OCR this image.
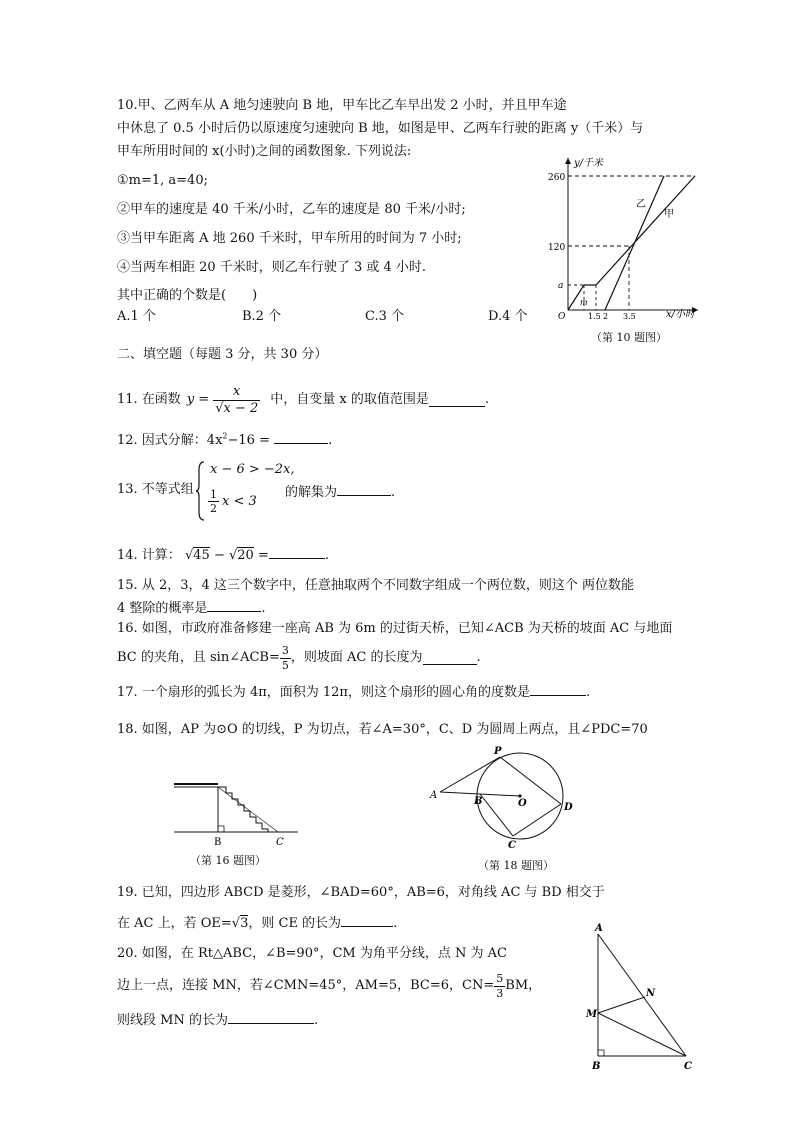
10.甲、乙两车从 A 地匀速驶向 B 地，甲车比乙车早出发 2 小时，并且甲车途
中休息了 0.5 小时后仍以原速度匀速驶向 B 地，如图是甲、乙两车行驶的距离 y（千米）与
甲车所用时间的 x(小时)之间的函数图象. 下列说法:
①m=1, a=40;
②甲车的速度是 40 千米/小时，乙车的速度是 80 千米/小时;
③当甲车距离 A 地 260 千米时，甲车所用的时间为 7 小时;
④当两车相距 20 千米时，则乙车行驶了 3 或 4 小时.
其中正确的个数是(　　)
A.1 个	B.2 个	C.3 个	D.4 个
y/千米
x/小时
260
120
a
O
m
1.5 2 3.5
乙
甲
（第 10 题图）
二、填空题（每题 3 分，共 30 分）
11. 在函数 $y = \frac{x}{√x - 2}$ 中，自变量 x 的取值范围是	.
12. 因式分解：$4x^2-16$ =	.
13. 不等式组
x − 6 > −2x,
$\frac{1}{2}$ x < 3
的解集为	.
14. 计算： √45 − √20 =	.
15. 从 2，3，4 这三个数字中，任意抽取两个不同数字组成一个两位数，则这个 两位数能
4 整除的概率是	.
16. 如图，市政府准备修建一座高 AB 为 6m 的过街天桥，已知∠ACB 为天桥的坡面 AC 与地面
BC 的夹角，且 sin∠ACB= $\frac{3}{5}$ ，则坡面 AC 的长度为	.
17. 一个扇形的弧长为 4π，面积为 12π，则这个扇形的圆心角的度数是	.
18. 如图，AP 为⊙O 的切线，P 为切点，若∠A=30°，C、D 为圆周上两点，且∠PDC=70
B	C
（第 16 题图）
P
A
B	O	D
C
（第 18 题图）
19. 已知，四边形 ABCD 是菱形，∠BAD=60°，AB=6，对角线 AC 与 BD 相交于
在 AC 上，若 OE=√3，则 CE 的长为	.
20. 如图，在 Rt△ABC，∠B=90°，CM 为角平分线，点 N 为 AC
边上一点，连接 MN，若∠CMN=45°，AM=5，BC=6，$CN= \frac{5}{3}$ BM，
则线段 MN 的长为	.
A
N
M
B	C
